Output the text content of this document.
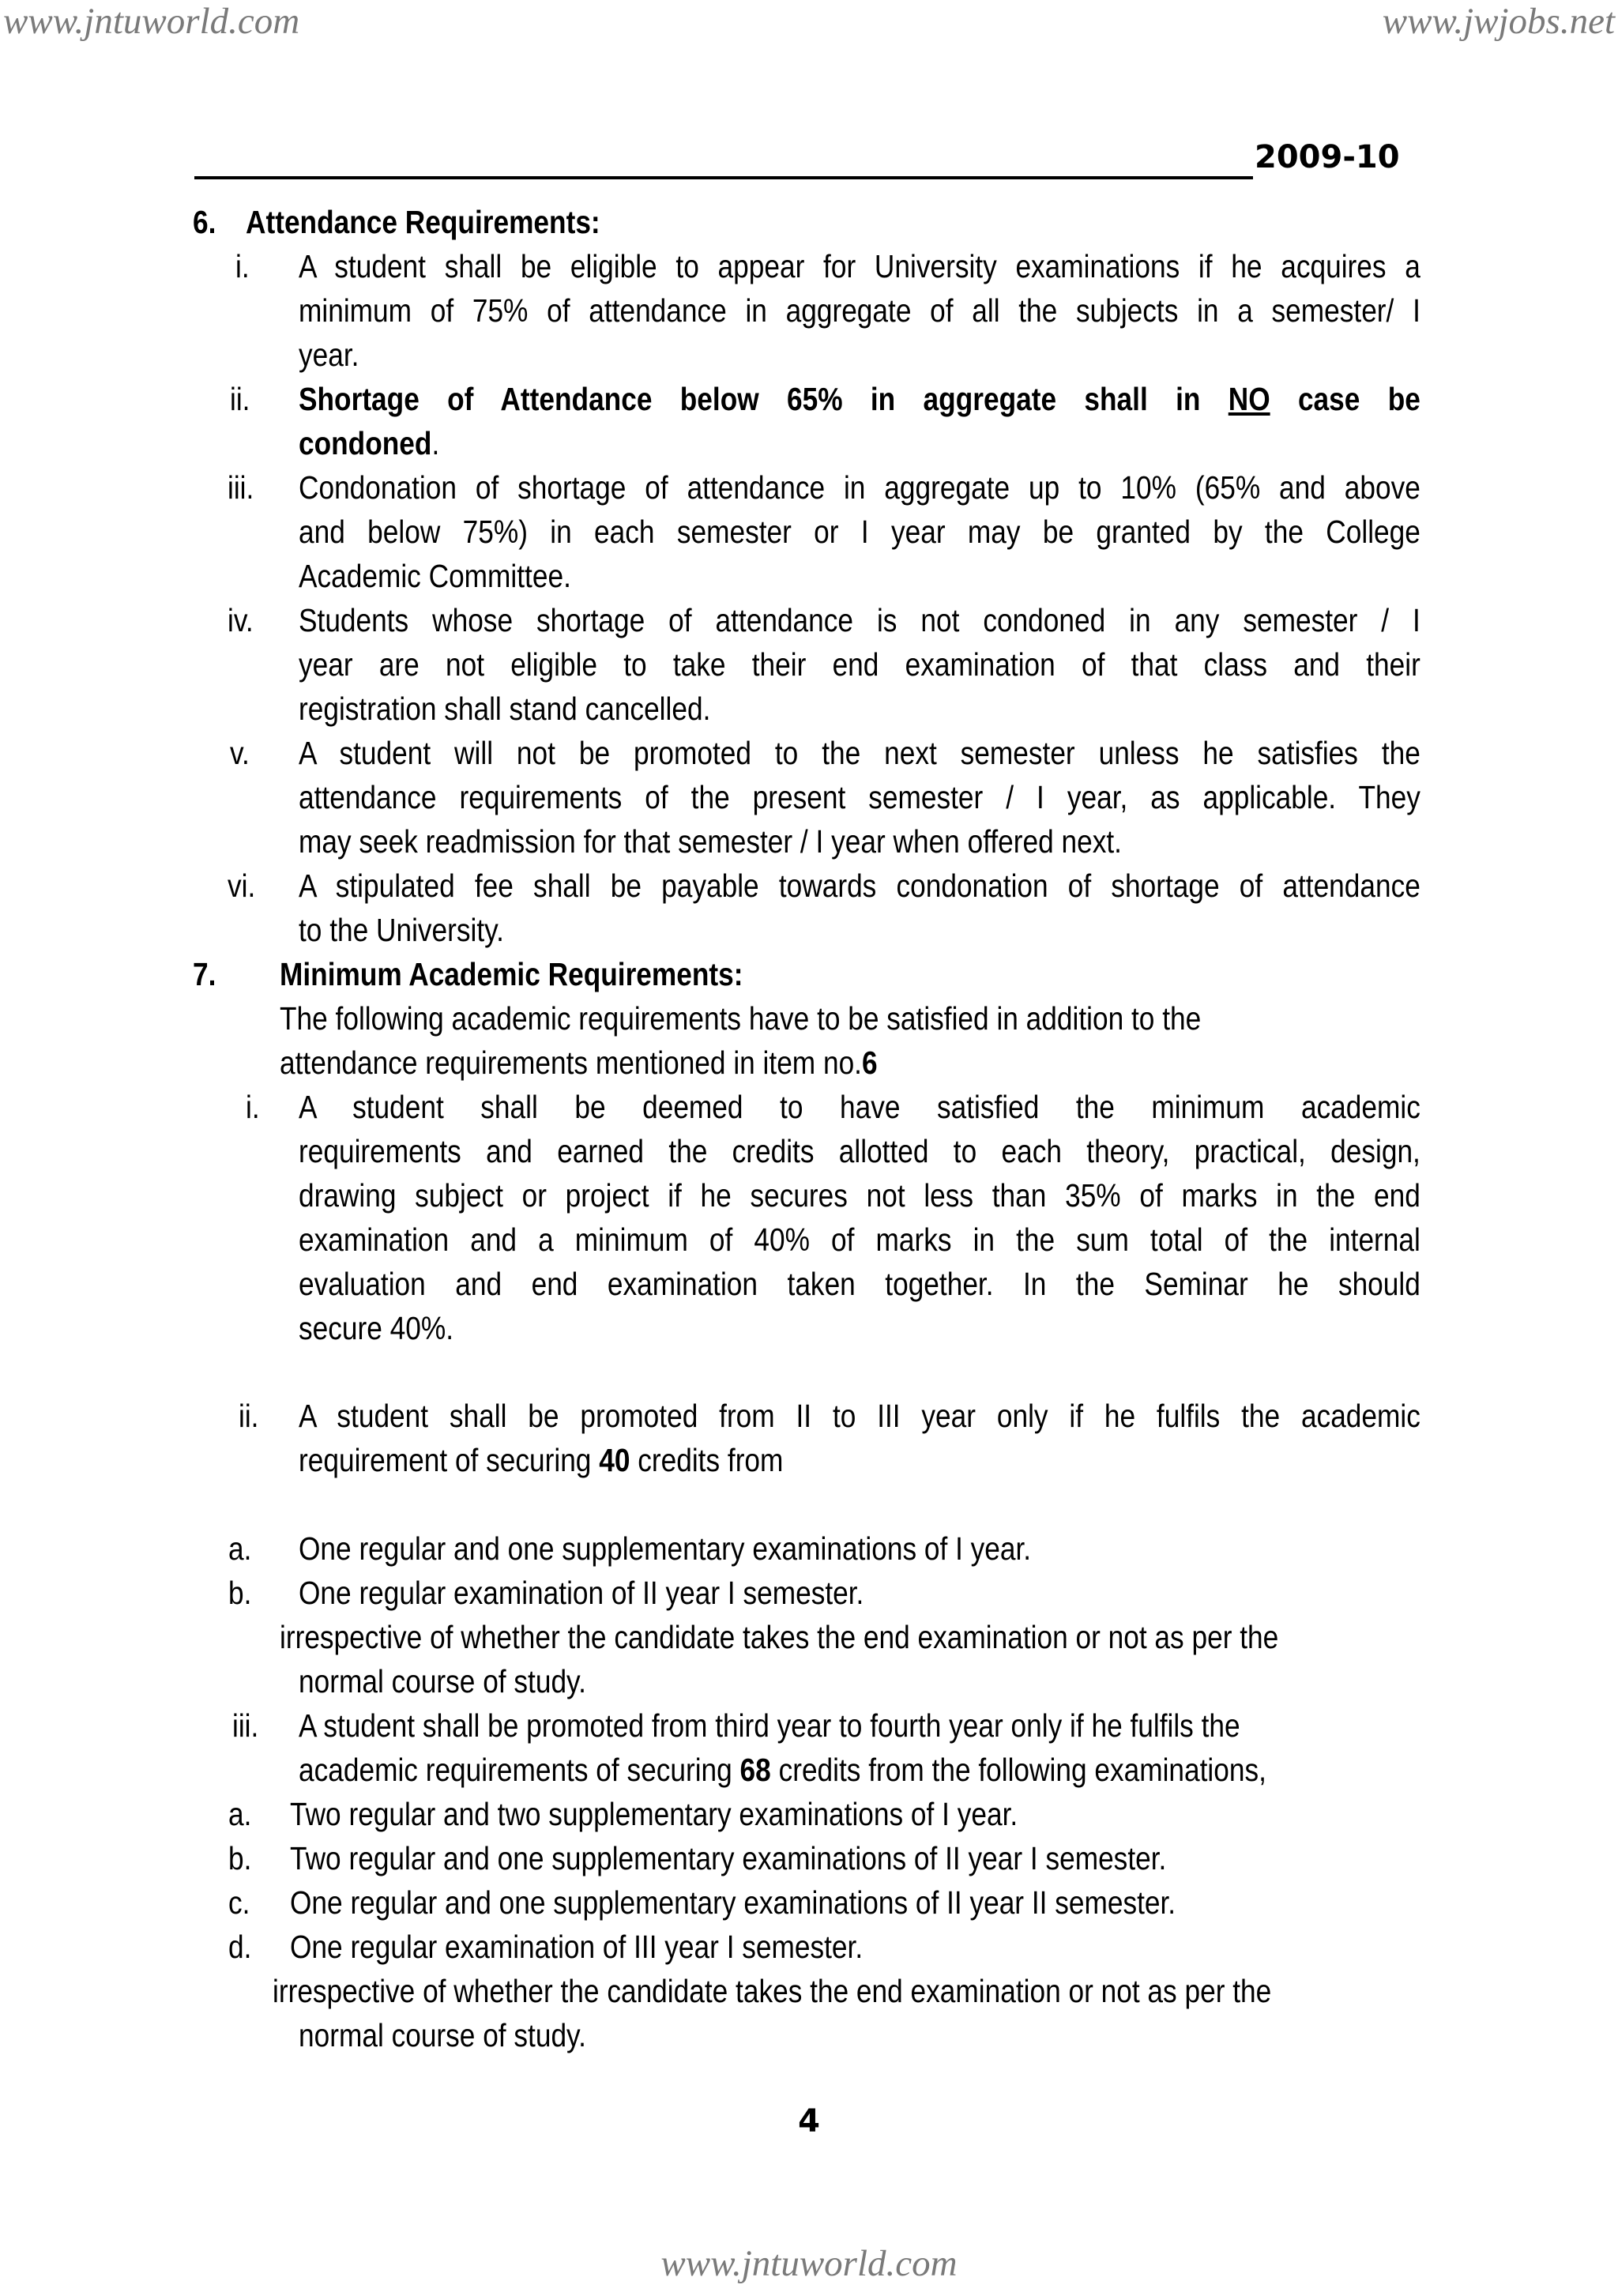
www.jntuworld.com	www.jwjobs.net
2009-10
6. Attendance Requirements:
i. A student shall be eligible to appear for University examinations if he acquires a
minimum of 75% of attendance in aggregate of all the subjects in a semester/ I
year.
ii. Shortage of Attendance below 65% in aggregate shall in NO case be
condoned.
iii. Condonation of shortage of attendance in aggregate up to 10% (65% and above
and below 75%) in each semester or I year may be granted by the College
Academic Committee.
iv. Students whose shortage of attendance is not condoned in any semester / I
year are not eligible to take their end examination of that class and their
registration shall stand cancelled.
v. A student will not be promoted to the next semester unless he satisfies the
attendance requirements of the present semester / I year, as applicable. They
may seek readmission for that semester / I year when offered next.
vi. A stipulated fee shall be payable towards condonation of shortage of attendance
to the University.
7. Minimum Academic Requirements:
The following academic requirements have to be satisfied in addition to the
attendance requirements mentioned in item no.6
i. A student shall be deemed to have satisfied the minimum academic
requirements and earned the credits allotted to each theory, practical, design,
drawing subject or project if he secures not less than 35% of marks in the end
examination and a minimum of 40% of marks in the sum total of the internal
evaluation and end examination taken together. In the Seminar he should
secure 40%.
ii. A student shall be promoted from II to III year only if he fulfils the academic
requirement of securing 40 credits from
a. One regular and one supplementary examinations of I year.
b. One regular examination of II year I semester.
irrespective of whether the candidate takes the end examination or not as per the
normal course of study.
iii. A student shall be promoted from third year to fourth year only if he fulfils the
academic requirements of securing 68 credits from the following examinations,
a. Two regular and two supplementary examinations of I year.
b. Two regular and one supplementary examinations of II year I semester.
c. One regular and one supplementary examinations of II year II semester.
d. One regular examination of III year I semester.
irrespective of whether the candidate takes the end examination or not as per the
normal course of study.
4
www.jntuworld.com
